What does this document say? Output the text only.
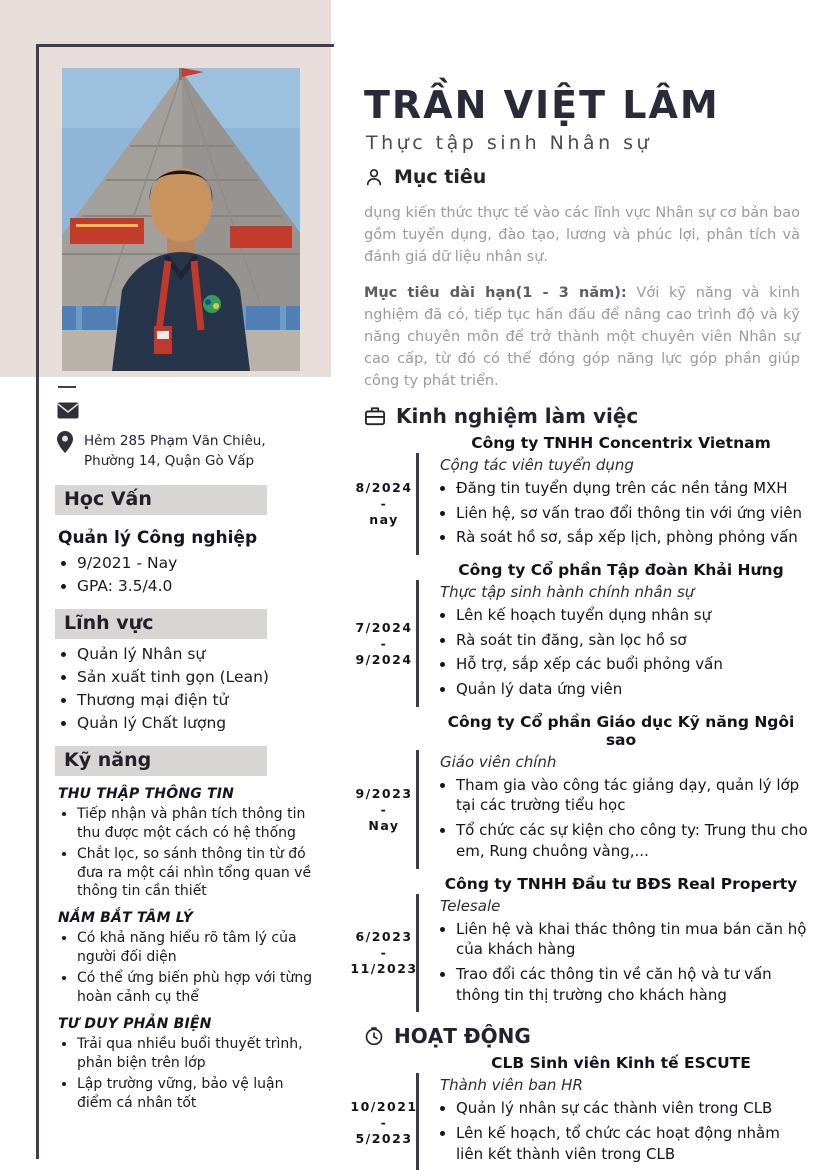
Hẻm 285 Phạm Văn Chiêu,
Phường 14, Quận Gò Vấp
Học Vấn
Quản lý Công nghiệp
• 9/2021 - Nay
• GPA: 3.5/4.0
Lĩnh vực
• Quản lý Nhân sự
• Sản xuất tinh gọn (Lean)
• Thương mại điện tử
• Quản lý Chất lượng
Kỹ năng
THU THẬP THÔNG TIN
• Tiếp nhận và phân tích thông tin thu được một cách có hệ thống
• Chắt lọc, so sánh thông tin từ đó đưa ra một cái nhìn tổng quan về thông tin cần thiết
NẮM BẮT TÂM LÝ
• Có khả năng hiểu rõ tâm lý của người đối diện
• Có thể ứng biến phù hợp với từng hoàn cảnh cụ thể
TƯ DUY PHẢN BIỆN
• Trải qua nhiều buổi thuyết trình, phản biện trên lớp
• Lập trường vững, bảo vệ luận điểm cá nhân tốt
TRẦN VIỆT LÂM
Thực tập sinh Nhân sự
Mục tiêu
dụng kiến thức thực tế vào các lĩnh vực Nhân sự cơ bản bao gồm tuyển dụng, đào tạo, lương và phúc lợi, phân tích và đánh giá dữ liệu nhân sự.
Mục tiêu dài hạn(1 - 3 năm): Với kỹ năng và kinh nghiệm đã có, tiếp tục hấn đấu để nâng cao trình độ và kỹ năng chuyên môn để trở thành một chuyên viên Nhân sự cao cấp, từ đó có thể đóng góp năng lực góp phần giúp công ty phát triển.
Kinh nghiệm làm việc
Công ty TNHH Concentrix Vietnam
8/2024
-
nay
Cộng tác viên tuyển dụng
• Đăng tin tuyển dụng trên các nền tảng MXH
• Liên hệ, sơ vấn trao đổi thông tin với ứng viên
• Rà soát hồ sơ, sắp xếp lịch, phòng phỏng vấn
Công ty Cổ phần Tập đoàn Khải Hưng
7/2024
-
9/2024
Thực tập sinh hành chính nhân sự
• Lên kế hoạch tuyển dụng nhân sự
• Rà soát tin đăng, sàn lọc hồ sơ
• Hỗ trợ, sắp xếp các buổi phỏng vấn
• Quản lý data ứng viên
Công ty Cổ phần Giáo dục Kỹ năng Ngôi sao
9/2023
-
Nay
Giáo viên chính
• Tham gia vào công tác giảng dạy, quản lý lớp tại các trường tiểu học
• Tổ chức các sự kiện cho công ty: Trung thu cho em, Rung chuông vàng,...
Công ty TNHH Đầu tư BĐS Real Property
6/2023
-
11/2023
Telesale
• Liên hệ và khai thác thông tin mua bán căn hộ của khách hàng
• Trao đổi các thông tin về căn hộ và tư vấn thông tin thị trường cho khách hàng
HOẠT ĐỘNG
CLB Sinh viên Kinh tế ESCUTE
10/2021
-
5/2023
Thành viên ban HR
• Quản lý nhân sự các thành viên trong CLB
• Lên kế hoạch, tổ chức các hoạt động nhằm liên kết thành viên trong CLB
